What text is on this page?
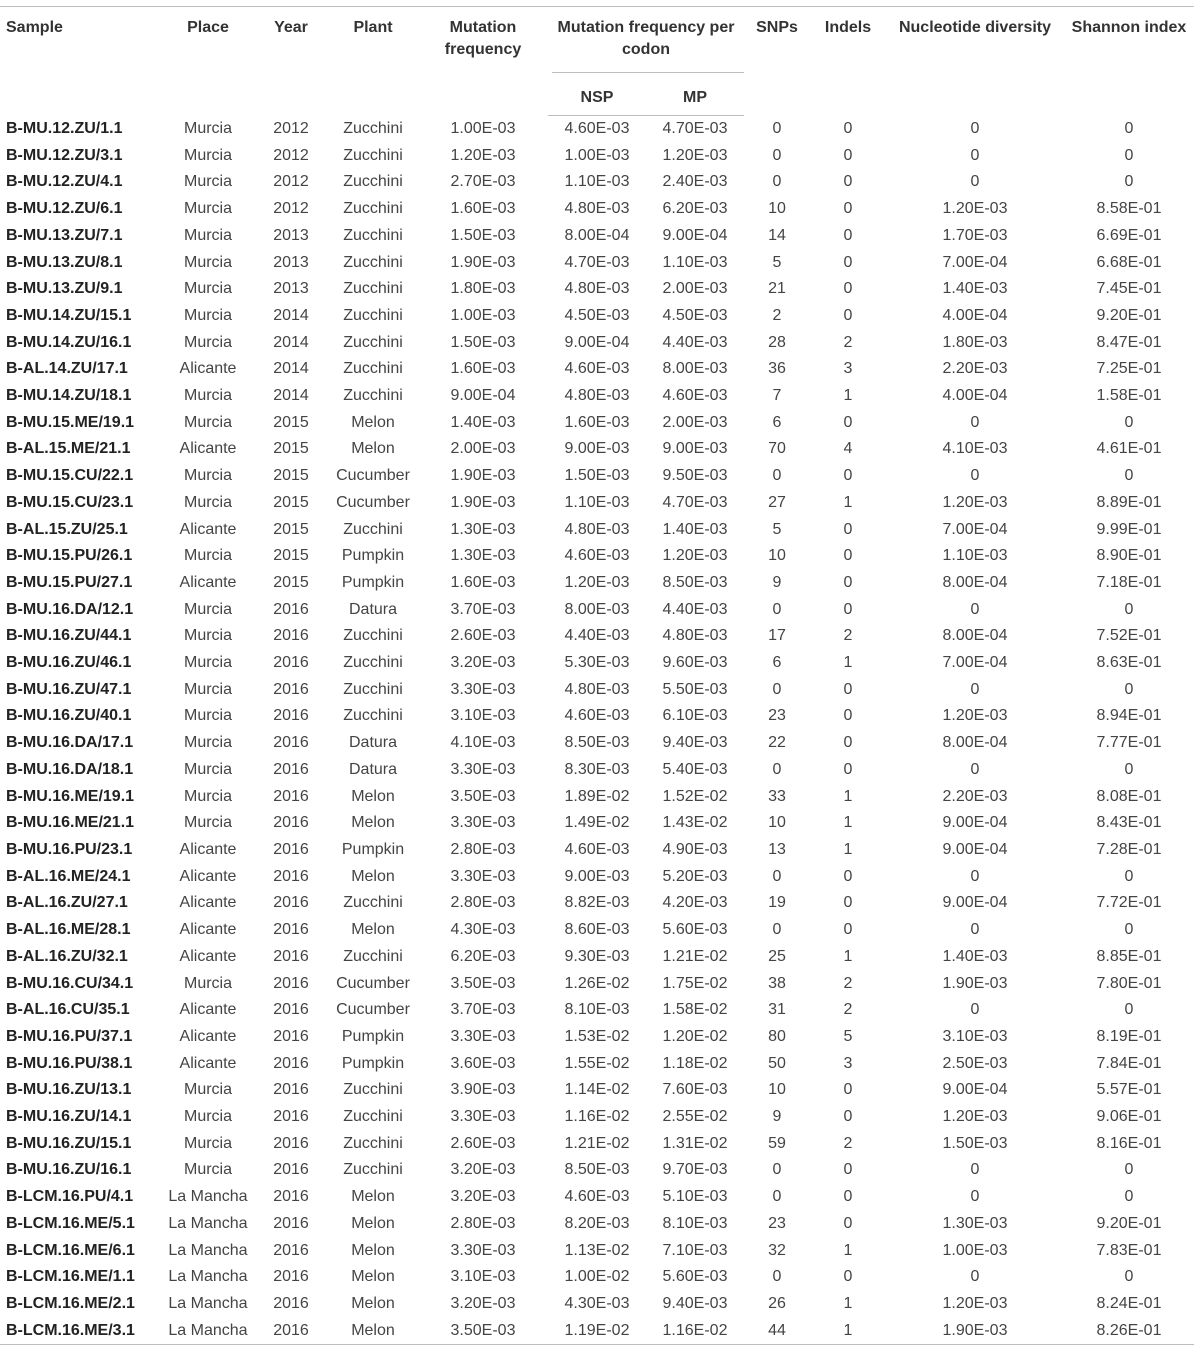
Sample	Place	Year	Plant	Mutation frequency	Mutation frequency per codon		SNPs	Indels	Nucleotide diversity	Shannon index
					NSP	MP				
B-MU.12.ZU/1.1	Murcia	2012	Zucchini	1.00E-03	4.60E-03	4.70E-03	0	0	0	0
B-MU.12.ZU/3.1	Murcia	2012	Zucchini	1.20E-03	1.00E-03	1.20E-03	0	0	0	0
B-MU.12.ZU/4.1	Murcia	2012	Zucchini	2.70E-03	1.10E-03	2.40E-03	0	0	0	0
B-MU.12.ZU/6.1	Murcia	2012	Zucchini	1.60E-03	4.80E-03	6.20E-03	10	0	1.20E-03	8.58E-01
B-MU.13.ZU/7.1	Murcia	2013	Zucchini	1.50E-03	8.00E-04	9.00E-04	14	0	1.70E-03	6.69E-01
B-MU.13.ZU/8.1	Murcia	2013	Zucchini	1.90E-03	4.70E-03	1.10E-03	5	0	7.00E-04	6.68E-01
B-MU.13.ZU/9.1	Murcia	2013	Zucchini	1.80E-03	4.80E-03	2.00E-03	21	0	1.40E-03	7.45E-01
B-MU.14.ZU/15.1	Murcia	2014	Zucchini	1.00E-03	4.50E-03	4.50E-03	2	0	4.00E-04	9.20E-01
B-MU.14.ZU/16.1	Murcia	2014	Zucchini	1.50E-03	9.00E-04	4.40E-03	28	2	1.80E-03	8.47E-01
B-AL.14.ZU/17.1	Alicante	2014	Zucchini	1.60E-03	4.60E-03	8.00E-03	36	3	2.20E-03	7.25E-01
B-MU.14.ZU/18.1	Murcia	2014	Zucchini	9.00E-04	4.80E-03	4.60E-03	7	1	4.00E-04	1.58E-01
B-MU.15.ME/19.1	Murcia	2015	Melon	1.40E-03	1.60E-03	2.00E-03	6	0	0	0
B-AL.15.ME/21.1	Alicante	2015	Melon	2.00E-03	9.00E-03	9.00E-03	70	4	4.10E-03	4.61E-01
B-MU.15.CU/22.1	Murcia	2015	Cucumber	1.90E-03	1.50E-03	9.50E-03	0	0	0	0
B-MU.15.CU/23.1	Murcia	2015	Cucumber	1.90E-03	1.10E-03	4.70E-03	27	1	1.20E-03	8.89E-01
B-AL.15.ZU/25.1	Alicante	2015	Zucchini	1.30E-03	4.80E-03	1.40E-03	5	0	7.00E-04	9.99E-01
B-MU.15.PU/26.1	Murcia	2015	Pumpkin	1.30E-03	4.60E-03	1.20E-03	10	0	1.10E-03	8.90E-01
B-MU.15.PU/27.1	Alicante	2015	Pumpkin	1.60E-03	1.20E-03	8.50E-03	9	0	8.00E-04	7.18E-01
B-MU.16.DA/12.1	Murcia	2016	Datura	3.70E-03	8.00E-03	4.40E-03	0	0	0	0
B-MU.16.ZU/44.1	Murcia	2016	Zucchini	2.60E-03	4.40E-03	4.80E-03	17	2	8.00E-04	7.52E-01
B-MU.16.ZU/46.1	Murcia	2016	Zucchini	3.20E-03	5.30E-03	9.60E-03	6	1	7.00E-04	8.63E-01
B-MU.16.ZU/47.1	Murcia	2016	Zucchini	3.30E-03	4.80E-03	5.50E-03	0	0	0	0
B-MU.16.ZU/40.1	Murcia	2016	Zucchini	3.10E-03	4.60E-03	6.10E-03	23	0	1.20E-03	8.94E-01
B-MU.16.DA/17.1	Murcia	2016	Datura	4.10E-03	8.50E-03	9.40E-03	22	0	8.00E-04	7.77E-01
B-MU.16.DA/18.1	Murcia	2016	Datura	3.30E-03	8.30E-03	5.40E-03	0	0	0	0
B-MU.16.ME/19.1	Murcia	2016	Melon	3.50E-03	1.89E-02	1.52E-02	33	1	2.20E-03	8.08E-01
B-MU.16.ME/21.1	Murcia	2016	Melon	3.30E-03	1.49E-02	1.43E-02	10	1	9.00E-04	8.43E-01
B-MU.16.PU/23.1	Alicante	2016	Pumpkin	2.80E-03	4.60E-03	4.90E-03	13	1	9.00E-04	7.28E-01
B-AL.16.ME/24.1	Alicante	2016	Melon	3.30E-03	9.00E-03	5.20E-03	0	0	0	0
B-AL.16.ZU/27.1	Alicante	2016	Zucchini	2.80E-03	8.82E-03	4.20E-03	19	0	9.00E-04	7.72E-01
B-AL.16.ME/28.1	Alicante	2016	Melon	4.30E-03	8.60E-03	5.60E-03	0	0	0	0
B-AL.16.ZU/32.1	Alicante	2016	Zucchini	6.20E-03	9.30E-03	1.21E-02	25	1	1.40E-03	8.85E-01
B-MU.16.CU/34.1	Murcia	2016	Cucumber	3.50E-03	1.26E-02	1.75E-02	38	2	1.90E-03	7.80E-01
B-AL.16.CU/35.1	Alicante	2016	Cucumber	3.70E-03	8.10E-03	1.58E-02	31	2	0	0
B-MU.16.PU/37.1	Alicante	2016	Pumpkin	3.30E-03	1.53E-02	1.20E-02	80	5	3.10E-03	8.19E-01
B-MU.16.PU/38.1	Alicante	2016	Pumpkin	3.60E-03	1.55E-02	1.18E-02	50	3	2.50E-03	7.84E-01
B-MU.16.ZU/13.1	Murcia	2016	Zucchini	3.90E-03	1.14E-02	7.60E-03	10	0	9.00E-04	5.57E-01
B-MU.16.ZU/14.1	Murcia	2016	Zucchini	3.30E-03	1.16E-02	2.55E-02	9	0	1.20E-03	9.06E-01
B-MU.16.ZU/15.1	Murcia	2016	Zucchini	2.60E-03	1.21E-02	1.31E-02	59	2	1.50E-03	8.16E-01
B-MU.16.ZU/16.1	Murcia	2016	Zucchini	3.20E-03	8.50E-03	9.70E-03	0	0	0	0
B-LCM.16.PU/4.1	La Mancha	2016	Melon	3.20E-03	4.60E-03	5.10E-03	0	0	0	0
B-LCM.16.ME/5.1	La Mancha	2016	Melon	2.80E-03	8.20E-03	8.10E-03	23	0	1.30E-03	9.20E-01
B-LCM.16.ME/6.1	La Mancha	2016	Melon	3.30E-03	1.13E-02	7.10E-03	32	1	1.00E-03	7.83E-01
B-LCM.16.ME/1.1	La Mancha	2016	Melon	3.10E-03	1.00E-02	5.60E-03	0	0	0	0
B-LCM.16.ME/2.1	La Mancha	2016	Melon	3.20E-03	4.30E-03	9.40E-03	26	1	1.20E-03	8.24E-01
B-LCM.16.ME/3.1	La Mancha	2016	Melon	3.50E-03	1.19E-02	1.16E-02	44	1	1.90E-03	8.26E-01
